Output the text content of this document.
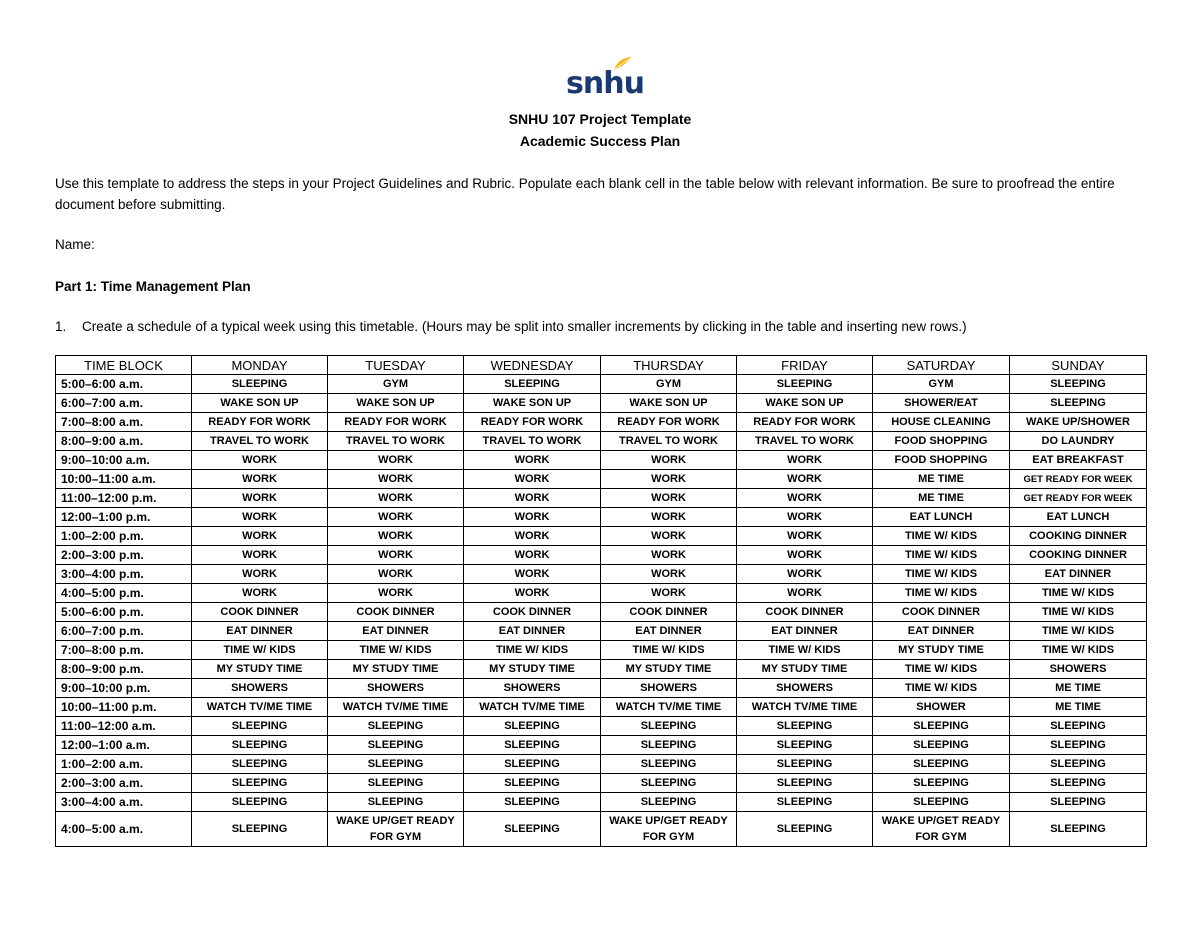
snhu
SNHU 107 Project Template
Academic Success Plan
Use this template to address the steps in your Project Guidelines and Rubric. Populate each blank cell in the table below with relevant information. Be sure to proofread the entire document before submitting.
Name:
Part 1: Time Management Plan
1. Create a schedule of a typical week using this timetable. (Hours may be split into smaller increments by clicking in the table and inserting new rows.)
TIME BLOCK	MONDAY	TUESDAY	WEDNESDAY	THURSDAY	FRIDAY	SATURDAY	SUNDAY
5:00–6:00 a.m.	SLEEPING	GYM	SLEEPING	GYM	SLEEPING	GYM	SLEEPING
6:00–7:00 a.m.	WAKE SON UP	WAKE SON UP	WAKE SON UP	WAKE SON UP	WAKE SON UP	SHOWER/EAT	SLEEPING
7:00–8:00 a.m.	READY FOR WORK	READY FOR WORK	READY FOR WORK	READY FOR WORK	READY FOR WORK	HOUSE CLEANING	WAKE UP/SHOWER
8:00–9:00 a.m.	TRAVEL TO WORK	TRAVEL TO WORK	TRAVEL TO WORK	TRAVEL TO WORK	TRAVEL TO WORK	FOOD SHOPPING	DO LAUNDRY
9:00–10:00 a.m.	WORK	WORK	WORK	WORK	WORK	FOOD SHOPPING	EAT BREAKFAST
10:00–11:00 a.m.	WORK	WORK	WORK	WORK	WORK	ME TIME	GET READY FOR WEEK
11:00–12:00 p.m.	WORK	WORK	WORK	WORK	WORK	ME TIME	GET READY FOR WEEK
12:00–1:00 p.m.	WORK	WORK	WORK	WORK	WORK	EAT LUNCH	EAT LUNCH
1:00–2:00 p.m.	WORK	WORK	WORK	WORK	WORK	TIME W/ KIDS	COOKING DINNER
2:00–3:00 p.m.	WORK	WORK	WORK	WORK	WORK	TIME W/ KIDS	COOKING DINNER
3:00–4:00 p.m.	WORK	WORK	WORK	WORK	WORK	TIME W/ KIDS	EAT DINNER
4:00–5:00 p.m.	WORK	WORK	WORK	WORK	WORK	TIME W/ KIDS	TIME W/ KIDS
5:00–6:00 p.m.	COOK DINNER	COOK DINNER	COOK DINNER	COOK DINNER	COOK DINNER	COOK DINNER	TIME W/ KIDS
6:00–7:00 p.m.	EAT DINNER	EAT DINNER	EAT DINNER	EAT DINNER	EAT DINNER	EAT DINNER	TIME W/ KIDS
7:00–8:00 p.m.	TIME W/ KIDS	TIME W/ KIDS	TIME W/ KIDS	TIME W/ KIDS	TIME W/ KIDS	MY STUDY TIME	TIME W/ KIDS
8:00–9:00 p.m.	MY STUDY TIME	MY STUDY TIME	MY STUDY TIME	MY STUDY TIME	MY STUDY TIME	TIME W/ KIDS	SHOWERS
9:00–10:00 p.m.	SHOWERS	SHOWERS	SHOWERS	SHOWERS	SHOWERS	TIME W/ KIDS	ME TIME
10:00–11:00 p.m.	WATCH TV/ME TIME	WATCH TV/ME TIME	WATCH TV/ME TIME	WATCH TV/ME TIME	WATCH TV/ME TIME	SHOWER	ME TIME
11:00–12:00 a.m.	SLEEPING	SLEEPING	SLEEPING	SLEEPING	SLEEPING	SLEEPING	SLEEPING
12:00–1:00 a.m.	SLEEPING	SLEEPING	SLEEPING	SLEEPING	SLEEPING	SLEEPING	SLEEPING
1:00–2:00 a.m.	SLEEPING	SLEEPING	SLEEPING	SLEEPING	SLEEPING	SLEEPING	SLEEPING
2:00–3:00 a.m.	SLEEPING	SLEEPING	SLEEPING	SLEEPING	SLEEPING	SLEEPING	SLEEPING
3:00–4:00 a.m.	SLEEPING	SLEEPING	SLEEPING	SLEEPING	SLEEPING	SLEEPING	SLEEPING
4:00–5:00 a.m.	SLEEPING	WAKE UP/GET READY FOR GYM	SLEEPING	WAKE UP/GET READY FOR GYM	SLEEPING	WAKE UP/GET READY FOR GYM	SLEEPING
